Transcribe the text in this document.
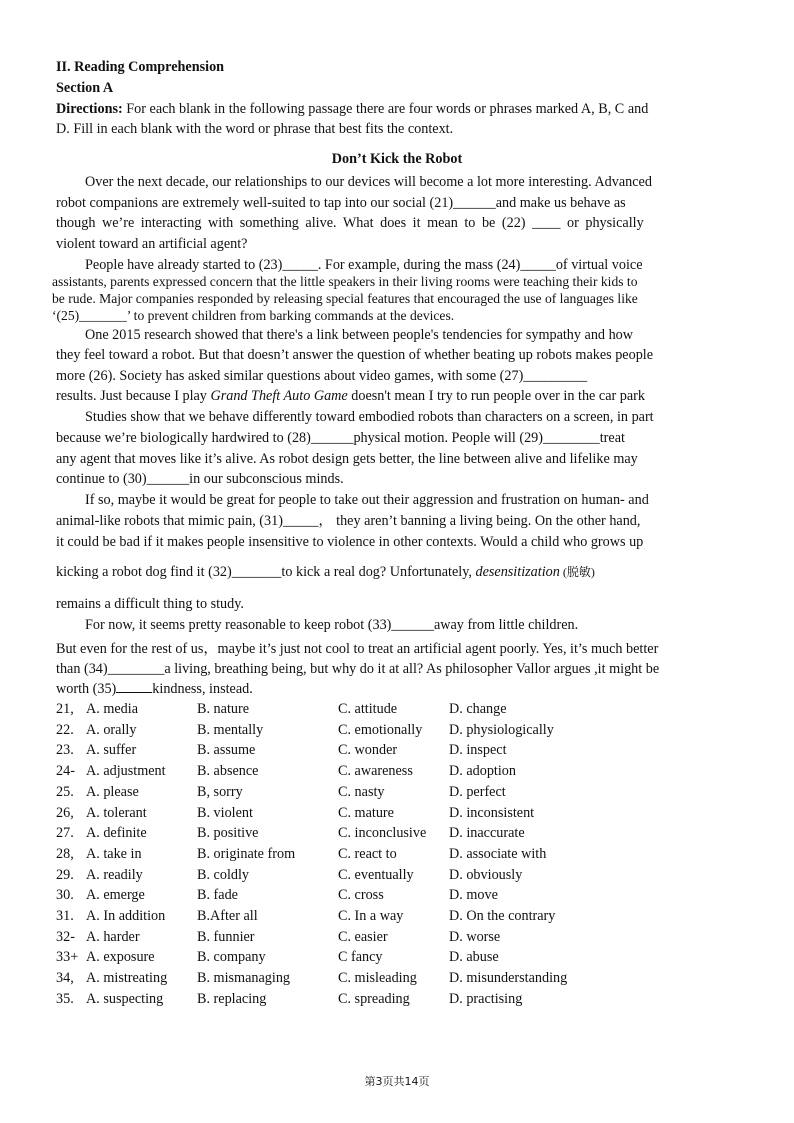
II. Reading Comprehension
Section A
Directions: For each blank in the following passage there are four words or phrases marked A, B, C and
D. Fill in each blank with the word or phrase that best fits the context.
Don’t Kick the Robot
Over the next decade, our relationships to our devices will become a lot more interesting. Advanced
robot companions are extremely well-suited to tap into our social (21)______and make us behave as
though we’re interacting with something alive. What does it mean to be (22) ____ or physically
violent toward an artificial agent?
People have already started to (23)_____. For example, during the mass (24)_____of virtual voice
assistants, parents expressed concern that the little speakers in their living rooms were teaching their kids to
be rude. Major companies responded by releasing special features that encouraged the use of languages like
‘(25)_______’ to prevent children from barking commands at the devices.
One 2015 research showed that there's a link between people's tendencies for sympathy and how
they feel toward a robot. But that doesn’t answer the question of whether beating up robots makes people
more (26). Society has asked similar questions about video games, with some (27)_________
results. Just because I play Grand Theft Auto Game doesn't mean I try to run people over in the car park
Studies show that we behave differently toward embodied robots than characters on a screen, in part
because we’re biologically hardwired to (28)______physical motion. People will (29)________treat
any agent that moves like it’s alive. As robot design gets better, the line between alive and lifelike may
continue to (30)______in our subconscious minds.
If so, maybe it would be great for people to take out their aggression and frustration on human- and
animal-like robots that mimic pain, (31)_____， they aren’t banning a living being. On the other hand,
it could be bad if it makes people insensitive to violence in other contexts. Would a child who grows up
kicking a robot dog find it (32)_______to kick a real dog? Unfortunately, desensitization (脱敏)
remains a difficult thing to study.
For now, it seems pretty reasonable to keep robot (33)______away from little children.
But even for the rest of us，maybe it’s just not cool to treat an artificial agent poorly. Yes, it’s much better
than (34)________a living, breathing being, but why do it at all? As philosopher Vallor argues ,it might be
worth (35)	kindness, instead.
21, A. media	B. nature	C. attitude	D. change
22. A. orally	B. mentally	C. emotionally D. physiologically
23. A. suffer	B. assume	C. wonder	D. inspect
24- A. adjustment B. absence	C. awareness	D. adoption
25. A. please	B, sorry	C. nasty	D. perfect
26, A. tolerant	B. violent	C. mature	D. inconsistent
27. A. definite	B. positive	C. inconclusive D. inaccurate
28, A. take in	B. originate from	C. react to	D. associate with
29. A. readily	B. coldly	C. eventually D. obviously
30. A. emerge	B. fade	C. cross	D. move
31. A. In addition B.After all	C. In a way	D. On the contrary
32- A. harder	B. funnier	C. easier	D. worse
33+ A. exposure	B. company	C fancy	D. abuse
34, A. mistreating B. mismanaging	C. misleading D. misunderstanding
35. A. suspecting B. replacing	C. spreading	D. practising
第3页共14页
